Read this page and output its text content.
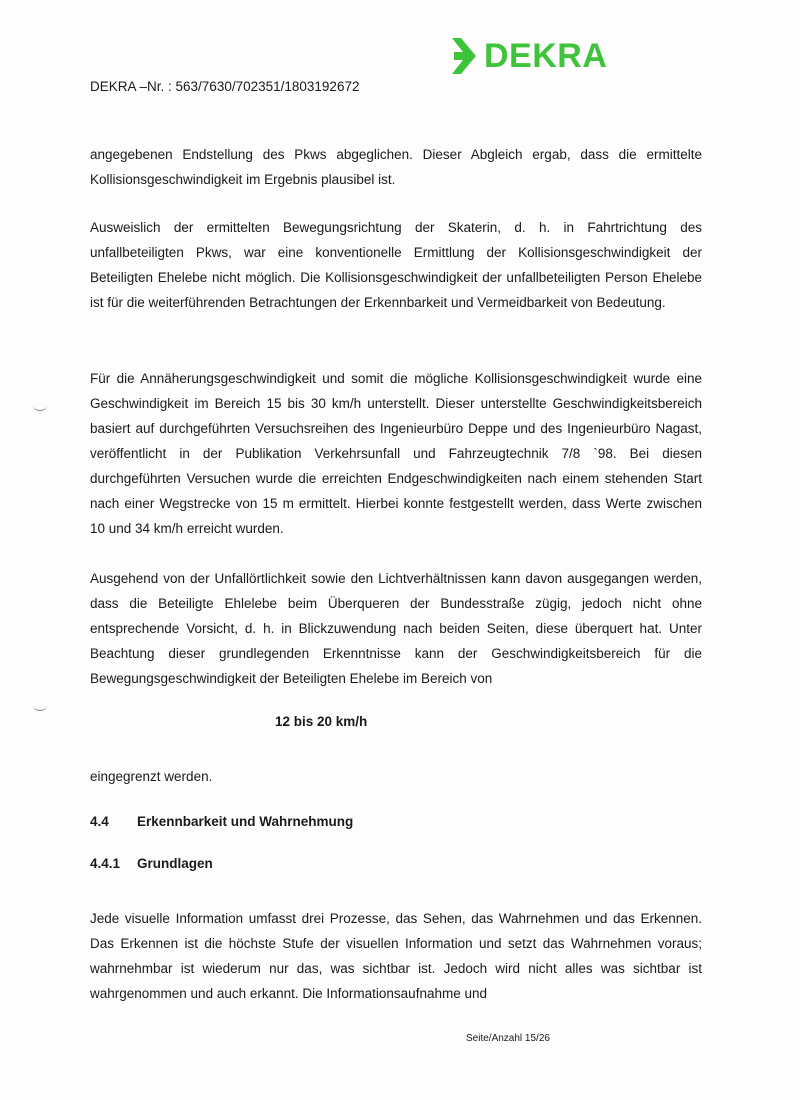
DEKRA
DEKRA –Nr. : 563/7630/702351/1803192672
angegebenen Endstellung des Pkws abgeglichen. Dieser Abgleich ergab, dass die ermittelte Kollisionsgeschwindigkeit im Ergebnis plausibel ist.
Ausweislich der ermittelten Bewegungsrichtung der Skaterin, d. h. in Fahrtrichtung des unfallbeteiligten Pkws, war eine konventionelle Ermittlung der Kollisionsgeschwindigkeit der Beteiligten Ehelebe nicht möglich. Die Kollisionsgeschwindigkeit der unfallbeteiligten Person Ehelebe ist für die weiterführenden Betrachtungen der Erkennbarkeit und Vermeidbarkeit von Bedeutung.
Für die Annäherungsgeschwindigkeit und somit die mögliche Kollisionsgeschwindigkeit wurde eine Geschwindigkeit im Bereich 15 bis 30 km/h unterstellt. Dieser unterstellte Geschwindigkeitsbereich basiert auf durchgeführten Versuchsreihen des Ingenieurbüro Deppe und des Ingenieurbüro Nagast, veröffentlicht in der Publikation Verkehrsunfall und Fahrzeugtechnik 7/8 `98. Bei diesen durchgeführten Versuchen wurde die erreichten Endgeschwindigkeiten nach einem stehenden Start nach einer Wegstrecke von 15 m ermittelt. Hierbei konnte festgestellt werden, dass Werte zwischen 10 und 34 km/h erreicht wurden.
Ausgehend von der Unfallörtlichkeit sowie den Lichtverhältnissen kann davon ausgegangen werden, dass die Beteiligte Ehlelebe beim Überqueren der Bundesstraße zügig, jedoch nicht ohne entsprechende Vorsicht, d. h. in Blickzuwendung nach beiden Seiten, diese überquert hat. Unter Beachtung dieser grundlegenden Erkenntnisse kann der Geschwindigkeitsbereich für die Bewegungsgeschwindigkeit der Beteiligten Ehelebe im Bereich von
12 bis 20 km/h
eingegrenzt werden.
4.4 Erkennbarkeit und Wahrnehmung
4.4.1 Grundlagen
Jede visuelle Information umfasst drei Prozesse, das Sehen, das Wahrnehmen und das Erkennen. Das Erkennen ist die höchste Stufe der visuellen Information und setzt das Wahrnehmen voraus; wahrnehmbar ist wiederum nur das, was sichtbar ist. Jedoch wird nicht alles was sichtbar ist wahrgenommen und auch erkannt. Die Informationsaufnahme und
Seite/Anzahl 15/26
